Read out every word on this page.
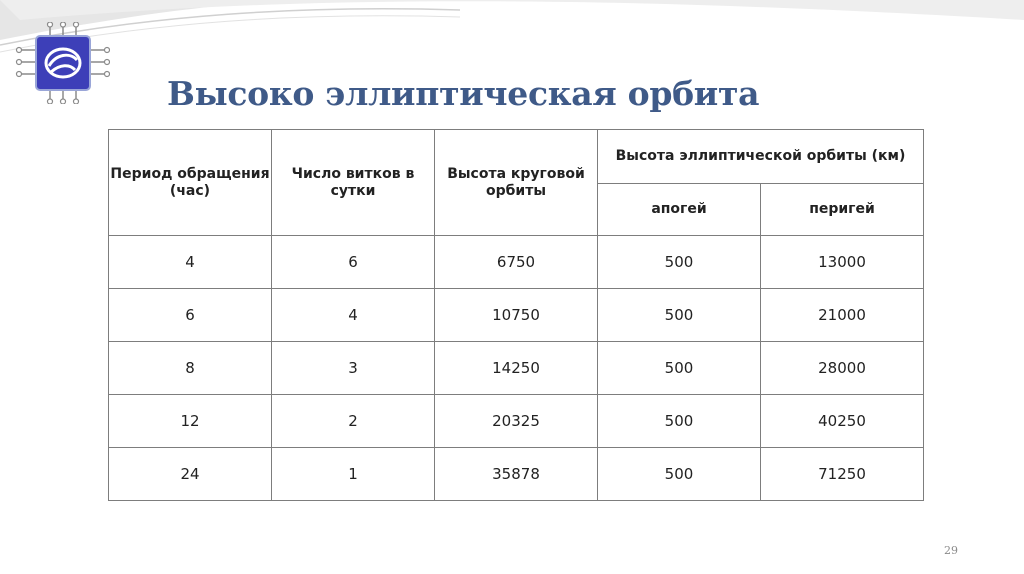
Высоко эллиптическая орбита
Период обращения (час)	Число витков в сутки	Высота круговой орбиты	Высота эллиптической орбиты (км)	
			апогей	перигей
4	6	6750	500	13000
6	4	10750	500	21000
8	3	14250	500	28000
12	2	20325	500	40250
24	1	35878	500	71250
29
